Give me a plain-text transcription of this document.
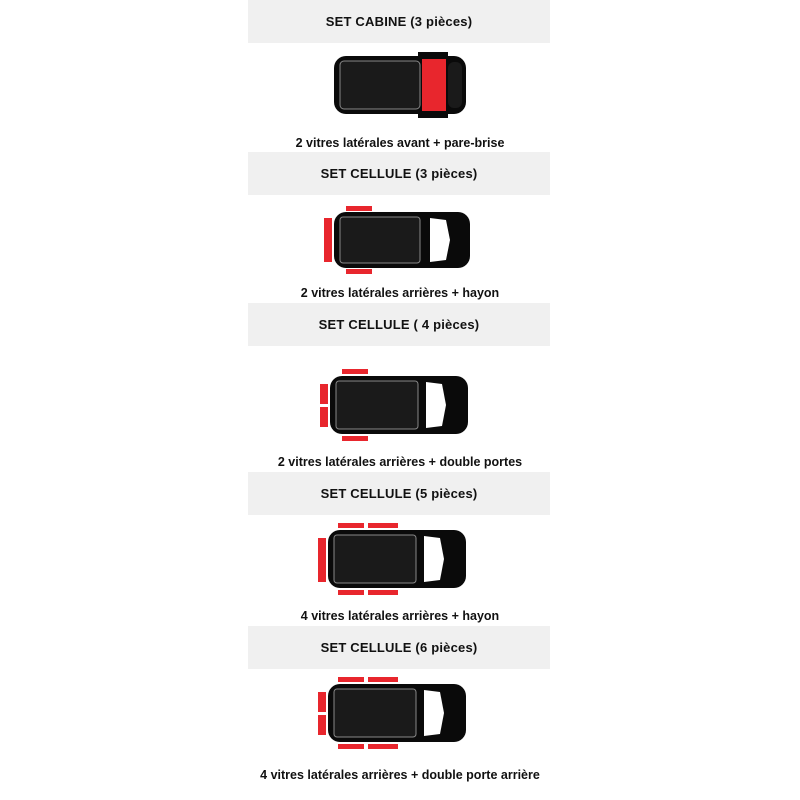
SET CABINE (3 pièces)
2 vitres latérales avant + pare-brise
SET CELLULE (3 pièces)
2 vitres latérales arrières + hayon
SET CELLULE ( 4 pièces)
2 vitres latérales arrières + double portes
SET CELLULE (5 pièces)
4 vitres latérales arrières + hayon
SET CELLULE (6 pièces)
4 vitres latérales arrières + double porte arrière
